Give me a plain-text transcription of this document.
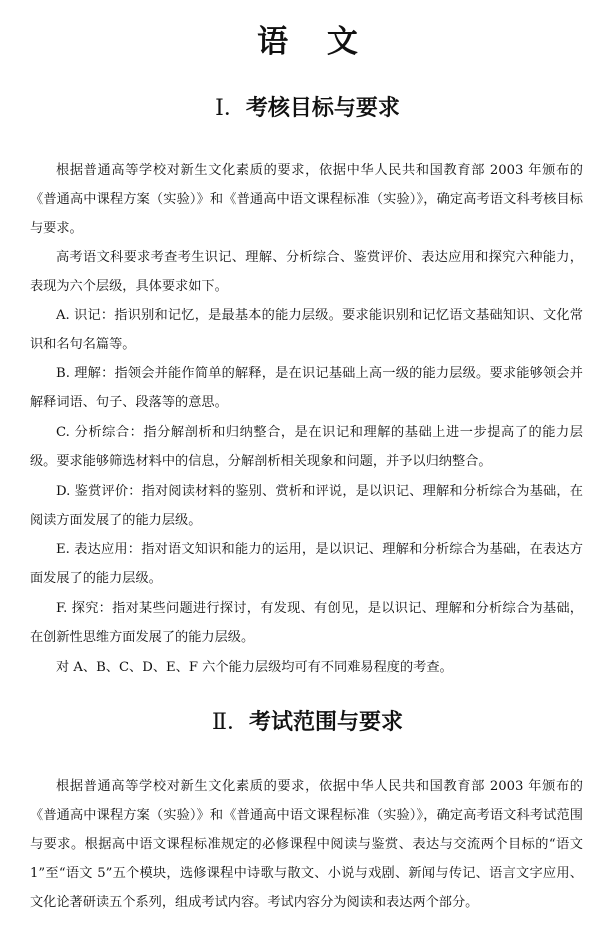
语 文
Ⅰ．考核目标与要求

根据普通高等学校对新生文化素质的要求，依据中华人民共和国教育部 2003 年颁布的《普通高中课程方案（实验）》和《普通高中语文课程标准（实验）》，确定高考语文科考核目标与要求。

高考语文科要求考查考生识记、理解、分析综合、鉴赏评价、表达应用和探究六种能力，表现为六个层级，具体要求如下。

A. 识记：指识别和记忆，是最基本的能力层级。要求能识别和记忆语文基础知识、文化常识和名句名篇等。

B. 理解：指领会并能作简单的解释，是在识记基础上高一级的能力层级。要求能够领会并解释词语、句子、段落等的意思。

C. 分析综合：指分解剖析和归纳整合，是在识记和理解的基础上进一步提高了的能力层级。要求能够筛选材料中的信息，分解剖析相关现象和问题，并予以归纳整合。

D. 鉴赏评价：指对阅读材料的鉴别、赏析和评说，是以识记、理解和分析综合为基础，在阅读方面发展了的能力层级。

E. 表达应用：指对语文知识和能力的运用，是以识记、理解和分析综合为基础，在表达方面发展了的能力层级。

F. 探究：指对某些问题进行探讨，有发现、有创见，是以识记、理解和分析综合为基础，在创新性思维方面发展了的能力层级。

对 A、B、C、D、E、F 六个能力层级均可有不同难易程度的考查。

Ⅱ．考试范围与要求

根据普通高等学校对新生文化素质的要求，依据中华人民共和国教育部 2003 年颁布的《普通高中课程方案（实验）》和《普通高中语文课程标准（实验）》，确定高考语文科考试范围与要求。根据高中语文课程标准规定的必修课程中阅读与鉴赏、表达与交流两个目标的“语文 1”至“语文 5”五个模块，选修课程中诗歌与散文、小说与戏剧、新闻与传记、语言文字应用、文化论著研读五个系列，组成考试内容。考试内容分为阅读和表达两个部分。
